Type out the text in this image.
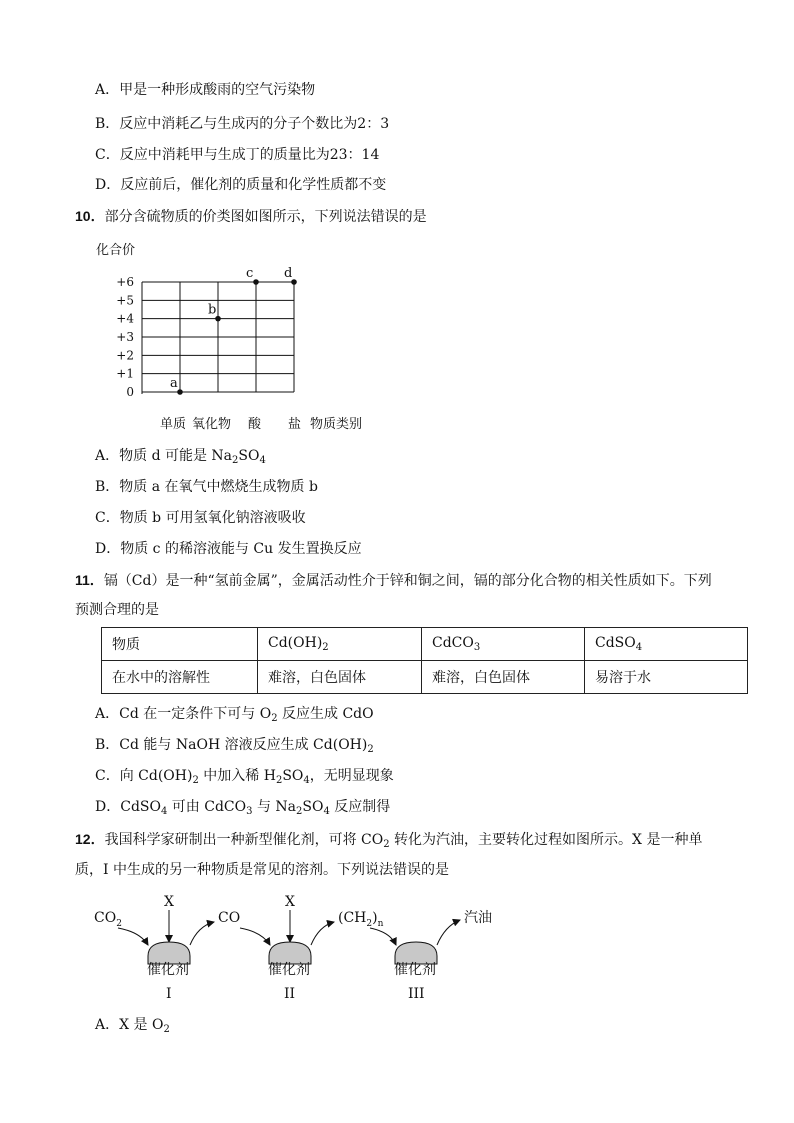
A．甲是一种形成酸雨的空气污染物
B．反应中消耗乙与生成丙的分子个数比为2：3
C．反应中消耗甲与生成丁的质量比为23：14
D．反应前后，催化剂的质量和化学性质都不变
10．部分含硫物质的价类图如图所示，下列说法错误的是
+6
+5
+4
+3
+2
+1
0
单质 氧化物 酸 盐
a
b
c d
化合价
物质类别
A．物质 d 可能是 $Na_2SO_4$
B．物质 a 在氧气中燃烧生成物质 b
C．物质 b 可用氢氧化钠溶液吸收
D．物质 c 的稀溶液能与 Cu 发生置换反应
11．镉（Cd）是一种“氢前金属”，金属活动性介于锌和铜之间，镉的部分化合物的相关性质如下。下列
预测合理的是
物质	$Cd(OH)_2$	CdCO$_3$	CdSO$_4$
在水中的溶解性	难溶，白色固体	难溶，白色固体	易溶于水
A．Cd 在一定条件下可与 $O_2$ 反应生成 CdO
B．Cd 能与 NaOH 溶液反应生成 $Cd(OH)_2$
C．向 $Cd(OH)_2$ 中加入稀 $H_2SO_4$，无明显现象
D．CdSO$_4$ 可由 CdCO$_3$ 与 $Na_2SO_4$ 反应制得
12．我国科学家研制出一种新型催化剂，可将 $CO_2$ 转化为汽油，主要转化过程如图所示。X 是一种单
质，I 中生成的另一种物质是常见的溶剂。下列说法错误的是
$CO_2$
X
催化剂
I
CO
X
催化剂
II
$(CH_2)_n$	汽油
催化剂
III
A．X 是 $O_2$
